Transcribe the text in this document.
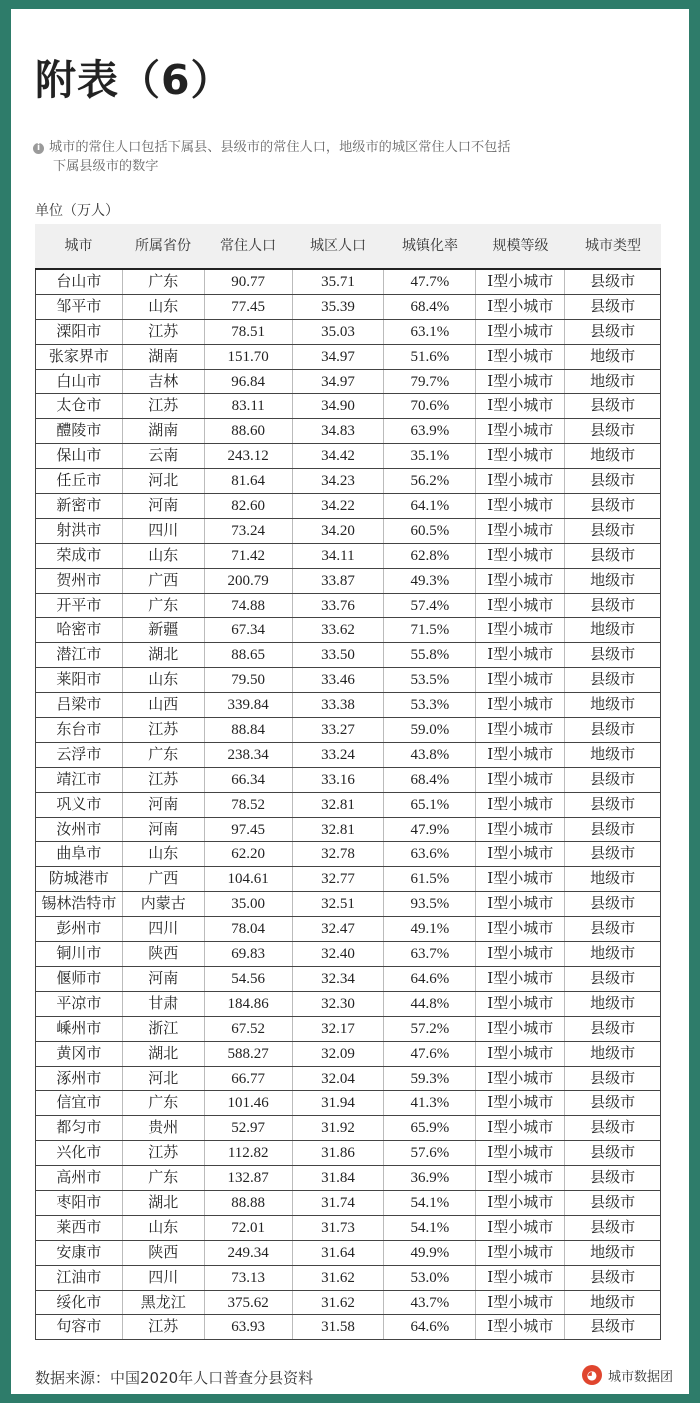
附表（6）
i 城市的常住人口包括下属县、县级市的常住人口，地级市的城区常住人口不包括
下属县级市的数字
单位（万人）
城市	所属省份	常住人口	城区人口	城镇化率	规模等级	城市类型
台山市	广东	90.77	35.71	47.7%	Ⅰ型小城市	县级市
邹平市	山东	77.45	35.39	68.4%	Ⅰ型小城市	县级市
溧阳市	江苏	78.51	35.03	63.1%	Ⅰ型小城市	县级市
张家界市	湖南	151.70	34.97	51.6%	Ⅰ型小城市	地级市
白山市	吉林	96.84	34.97	79.7%	Ⅰ型小城市	地级市
太仓市	江苏	83.11	34.90	70.6%	Ⅰ型小城市	县级市
醴陵市	湖南	88.60	34.83	63.9%	Ⅰ型小城市	县级市
保山市	云南	243.12	34.42	35.1%	Ⅰ型小城市	地级市
任丘市	河北	81.64	34.23	56.2%	Ⅰ型小城市	县级市
新密市	河南	82.60	34.22	64.1%	Ⅰ型小城市	县级市
射洪市	四川	73.24	34.20	60.5%	Ⅰ型小城市	县级市
荣成市	山东	71.42	34.11	62.8%	Ⅰ型小城市	县级市
贺州市	广西	200.79	33.87	49.3%	Ⅰ型小城市	地级市
开平市	广东	74.88	33.76	57.4%	Ⅰ型小城市	县级市
哈密市	新疆	67.34	33.62	71.5%	Ⅰ型小城市	地级市
潜江市	湖北	88.65	33.50	55.8%	Ⅰ型小城市	县级市
莱阳市	山东	79.50	33.46	53.5%	Ⅰ型小城市	县级市
吕梁市	山西	339.84	33.38	53.3%	Ⅰ型小城市	地级市
东台市	江苏	88.84	33.27	59.0%	Ⅰ型小城市	县级市
云浮市	广东	238.34	33.24	43.8%	Ⅰ型小城市	地级市
靖江市	江苏	66.34	33.16	68.4%	Ⅰ型小城市	县级市
巩义市	河南	78.52	32.81	65.1%	Ⅰ型小城市	县级市
汝州市	河南	97.45	32.81	47.9%	Ⅰ型小城市	县级市
曲阜市	山东	62.20	32.78	63.6%	Ⅰ型小城市	县级市
防城港市	广西	104.61	32.77	61.5%	Ⅰ型小城市	地级市
锡林浩特市	内蒙古	35.00	32.51	93.5%	Ⅰ型小城市	县级市
彭州市	四川	78.04	32.47	49.1%	Ⅰ型小城市	县级市
铜川市	陕西	69.83	32.40	63.7%	Ⅰ型小城市	地级市
偃师市	河南	54.56	32.34	64.6%	Ⅰ型小城市	县级市
平凉市	甘肃	184.86	32.30	44.8%	Ⅰ型小城市	地级市
嵊州市	浙江	67.52	32.17	57.2%	Ⅰ型小城市	县级市
黄冈市	湖北	588.27	32.09	47.6%	Ⅰ型小城市	地级市
涿州市	河北	66.77	32.04	59.3%	Ⅰ型小城市	县级市
信宜市	广东	101.46	31.94	41.3%	Ⅰ型小城市	县级市
都匀市	贵州	52.97	31.92	65.9%	Ⅰ型小城市	县级市
兴化市	江苏	112.82	31.86	57.6%	Ⅰ型小城市	县级市
高州市	广东	132.87	31.84	36.9%	Ⅰ型小城市	县级市
枣阳市	湖北	88.88	31.74	54.1%	Ⅰ型小城市	县级市
莱西市	山东	72.01	31.73	54.1%	Ⅰ型小城市	县级市
安康市	陕西	249.34	31.64	49.9%	Ⅰ型小城市	地级市
江油市	四川	73.13	31.62	53.0%	Ⅰ型小城市	县级市
绥化市	黑龙江	375.62	31.62	43.7%	Ⅰ型小城市	地级市
句容市	江苏	63.93	31.58	64.6%	Ⅰ型小城市	县级市
数据来源：中国2020年人口普查分县资料	◕ 城市数据团
